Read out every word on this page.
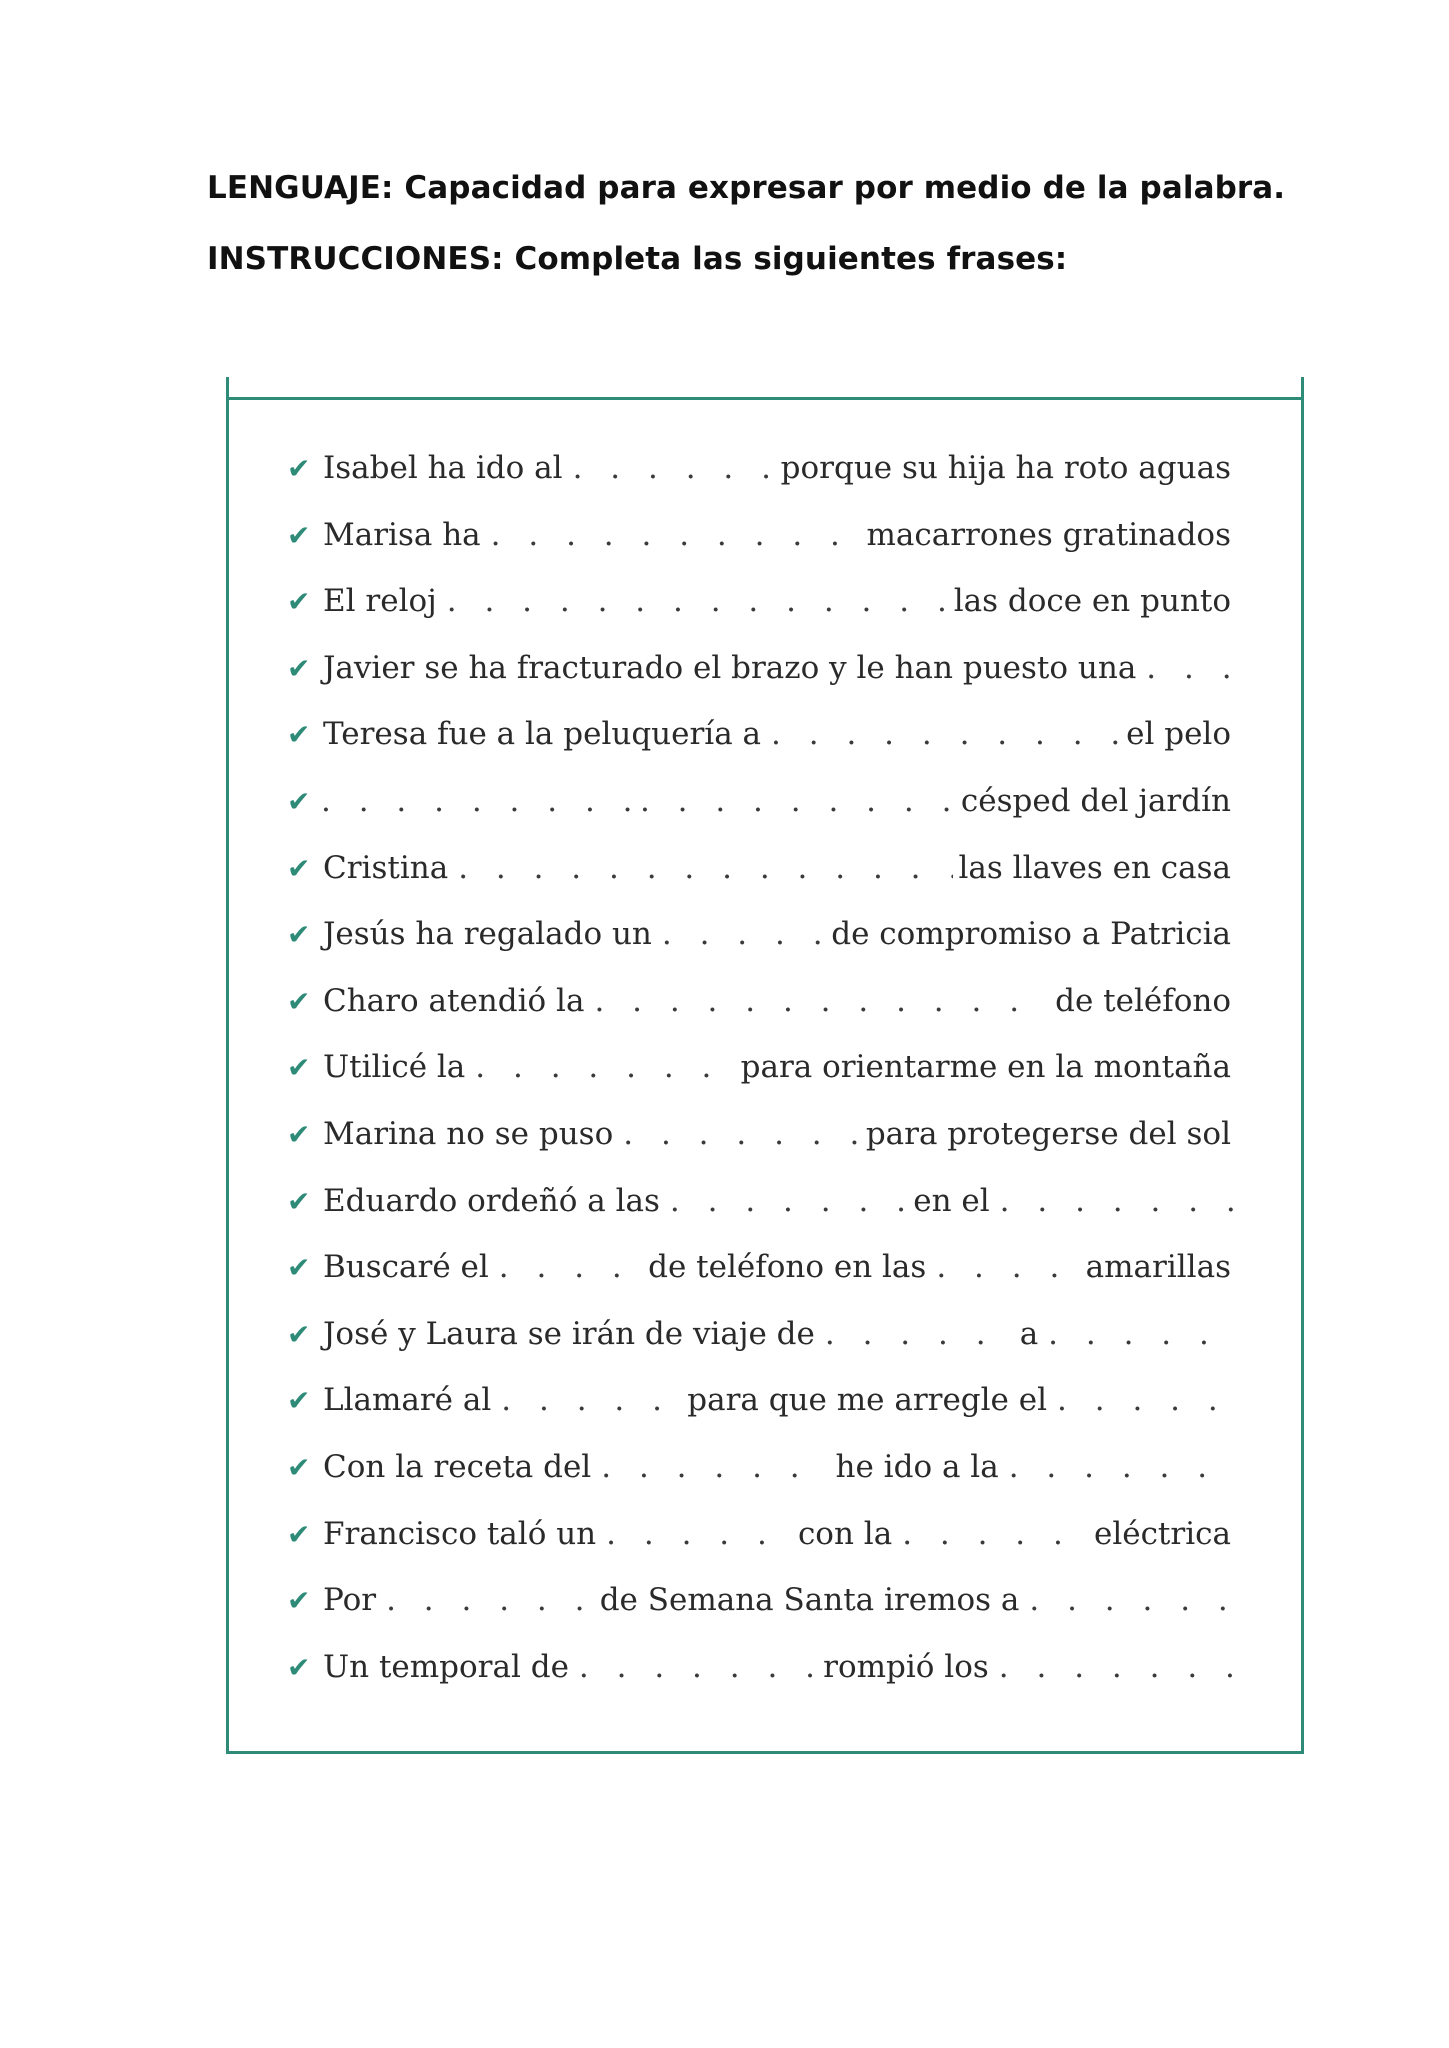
LENGUAJE: Capacidad para expresar por medio de la palabra.
INSTRUCCIONES: Completa las siguientes frases:
✔ Isabel ha ido al . . .	porque su hija ha roto aguas
✔ Marisa ha . . .	macarrones gratinados
✔ El reloj . . .	las doce en punto
✔ Javier se ha fracturado el brazo y le han puesto una
. . .
✔ Teresa fue a la peluquería a . . .	el pelo
✔ . . . . . .	césped del jardín
✔ Cristina . . .	las llaves en casa
✔ Jesús ha regalado un . . .	de compromiso a Patricia
✔ Charo atendió la . . .	de teléfono
✔ Utilicé la . . .	para orientarme en la montaña
✔ Marina no se puso . . .	para protegerse del sol
✔ Eduardo ordeñó a las . . .	en el
. . .
✔ Buscaré el . . .	de teléfono en las . . .	amarillas
✔ José y Laura se irán de viaje de . . .	a
. . .
✔ Llamaré al . . .	para que me arregle el
. . .
✔ Con la receta del . . .	he ido a la
. . .
✔ Francisco taló un . . .	con la . . .	eléctrica
✔ Por . . .	de Semana Santa iremos a
. . .
✔ Un temporal de . . .	rompió los
. . .
